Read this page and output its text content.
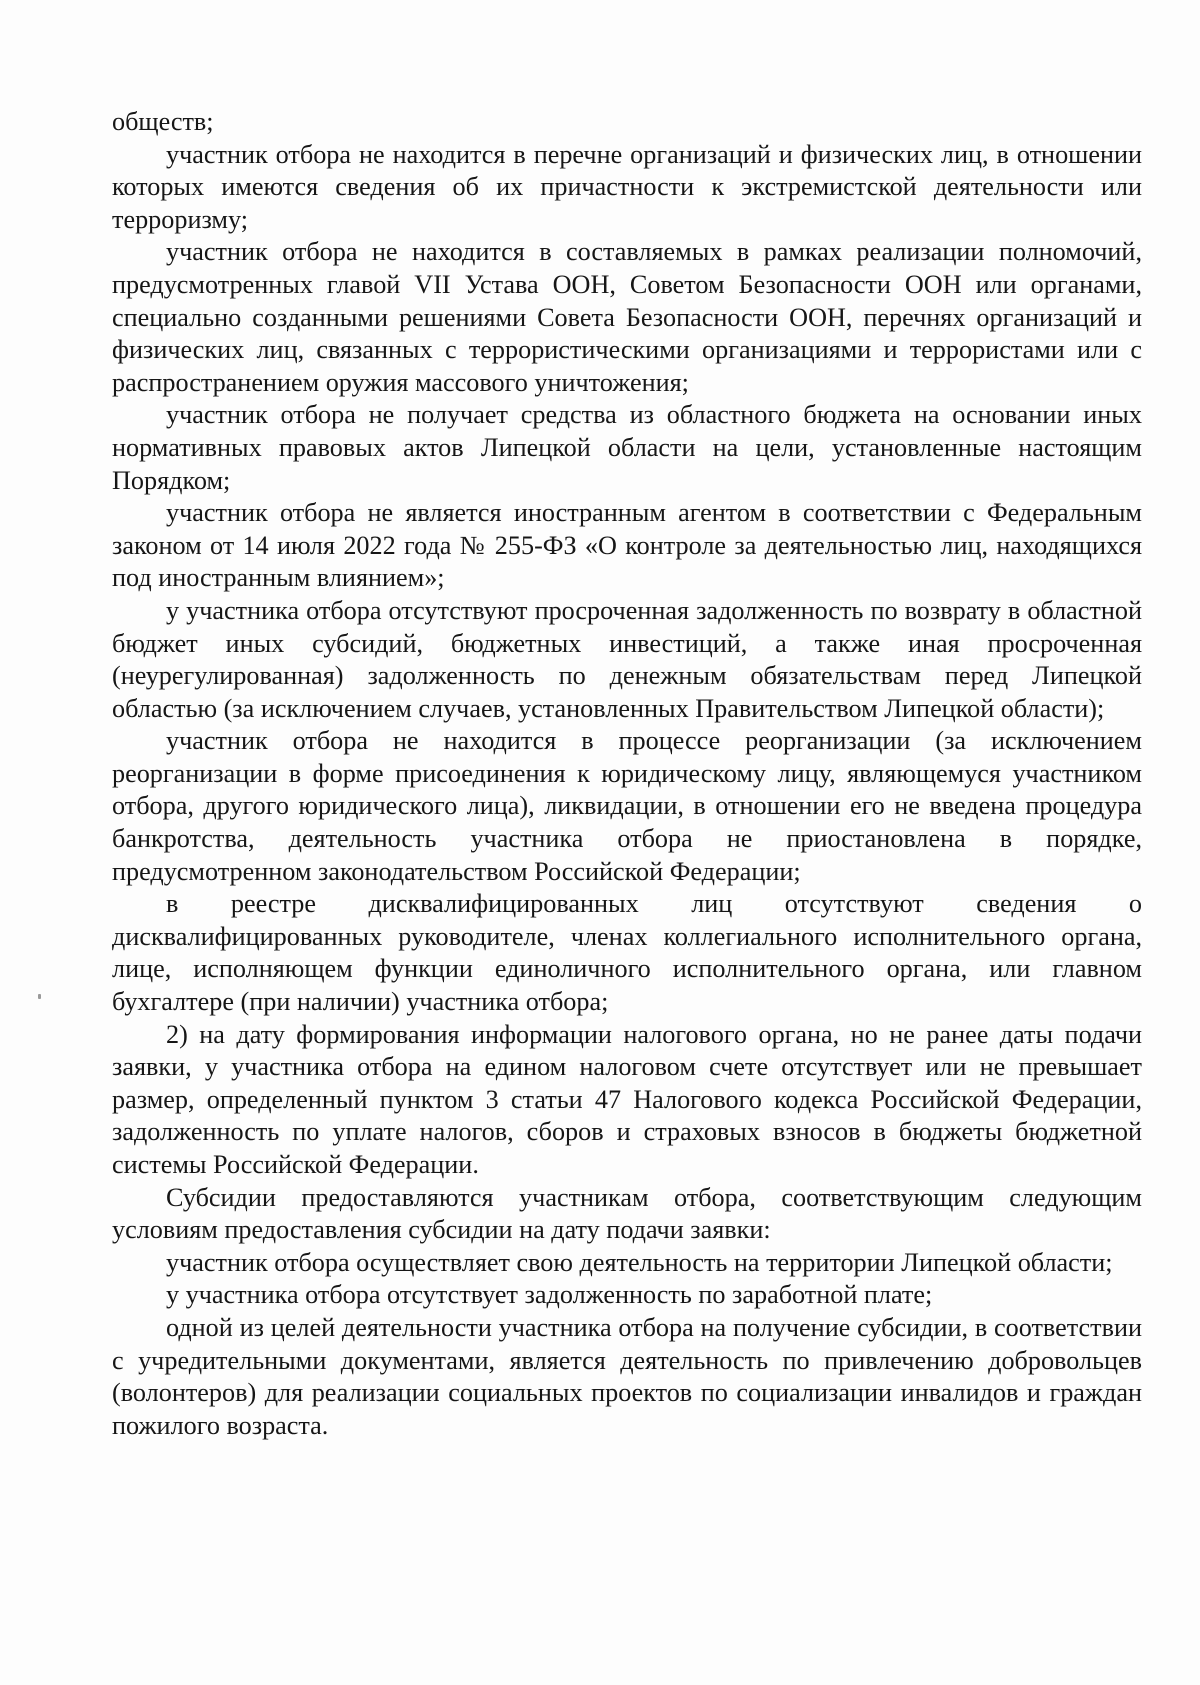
обществ;

участник отбора не находится в перечне организаций и физических лиц, в отношении которых имеются сведения об их причастности к экстремистской деятельности или терроризму;

участник отбора не находится в составляемых в рамках реализации полномочий, предусмотренных главой VII Устава ООН, Советом Безопасности ООН или органами, специально созданными решениями Совета Безопасности ООН, перечнях организаций и физических лиц, связанных с террористическими организациями и террористами или с распространением оружия массового уничтожения;

участник отбора не получает средства из областного бюджета на основании иных нормативных правовых актов Липецкой области на цели, установленные настоящим Порядком;

участник отбора не является иностранным агентом в соответствии с Федеральным законом от 14 июля 2022 года № 255-ФЗ «О контроле за деятельностью лиц, находящихся под иностранным влиянием»;

у участника отбора отсутствуют просроченная задолженность по возврату в областной бюджет иных субсидий, бюджетных инвестиций, а также иная просроченная (неурегулированная) задолженность по денежным обязательствам перед Липецкой областью (за исключением случаев, установленных Правительством Липецкой области);

участник отбора не находится в процессе реорганизации (за исключением реорганизации в форме присоединения к юридическому лицу, являющемуся участником отбора, другого юридического лица), ликвидации, в отношении его не введена процедура банкротства, деятельность участника отбора не приостановлена в порядке, предусмотренном законодательством Российской Федерации;

в реестре дисквалифицированных лиц отсутствуют сведения о дисквалифицированных руководителе, членах коллегиального исполнительного органа, лице, исполняющем функции единоличного исполнительного органа, или главном бухгалтере (при наличии) участника отбора;

2) на дату формирования информации налогового органа, но не ранее даты подачи заявки, у участника отбора на едином налоговом счете отсутствует или не превышает размер, определенный пунктом 3 статьи 47 Налогового кодекса Российской Федерации, задолженность по уплате налогов, сборов и страховых взносов в бюджеты бюджетной системы Российской Федерации.

Субсидии предоставляются участникам отбора, соответствующим следующим условиям предоставления субсидии на дату подачи заявки:

участник отбора осуществляет свою деятельность на территории Липецкой области;

у участника отбора отсутствует задолженность по заработной плате;

одной из целей деятельности участника отбора на получение субсидии, в соответствии с учредительными документами, является деятельность по привлечению добровольцев (волонтеров) для реализации социальных проектов по социализации инвалидов и граждан пожилого возраста.
